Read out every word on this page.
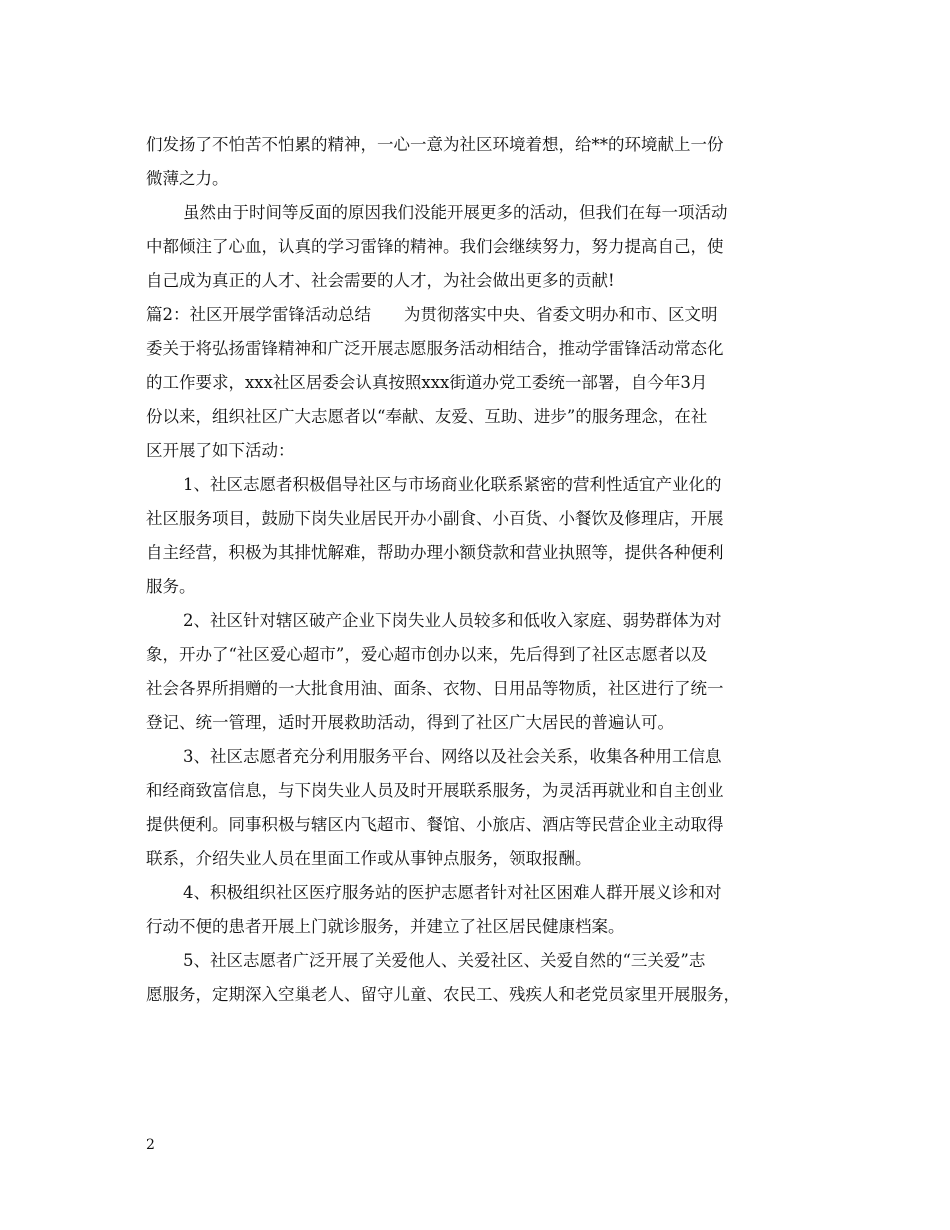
们发扬了不怕苦不怕累的精神，一心一意为社区环境着想，给**的环境献上一份
微薄之力。
虽然由于时间等反面的原因我们没能开展更多的活动，但我们在每一项活动
中都倾注了心血，认真的学习雷锋的精神。我们会继续努力，努力提高自己，使
自己成为真正的人才、社会需要的人才，为社会做出更多的贡献!
篇2：社区开展学雷锋活动总结　　为贯彻落实中央、省委文明办和市、区文明
委关于将弘扬雷锋精神和广泛开展志愿服务活动相结合，推动学雷锋活动常态化
的工作要求，xxx社区居委会认真按照xxx街道办党工委统一部署，自今年3月
份以来，组织社区广大志愿者以“奉献、友爱、互助、进步”的服务理念，在社
区开展了如下活动：
1、社区志愿者积极倡导社区与市场商业化联系紧密的营利性适宜产业化的
社区服务项目，鼓励下岗失业居民开办小副食、小百货、小餐饮及修理店，开展
自主经营，积极为其排忧解难，帮助办理小额贷款和营业执照等，提供各种便利
服务。
2、社区针对辖区破产企业下岗失业人员较多和低收入家庭、弱势群体为对
象，开办了“社区爱心超市”，爱心超市创办以来，先后得到了社区志愿者以及
社会各界所捐赠的一大批食用油、面条、衣物、日用品等物质，社区进行了统一
登记、统一管理，适时开展救助活动，得到了社区广大居民的普遍认可。
3、社区志愿者充分利用服务平台、网络以及社会关系，收集各种用工信息
和经商致富信息，与下岗失业人员及时开展联系服务，为灵活再就业和自主创业
提供便利。同事积极与辖区内飞超市、餐馆、小旅店、酒店等民营企业主动取得
联系，介绍失业人员在里面工作或从事钟点服务，领取报酬。
4、积极组织社区医疗服务站的医护志愿者针对社区困难人群开展义诊和对
行动不便的患者开展上门就诊服务，并建立了社区居民健康档案。
5、社区志愿者广泛开展了关爱他人、关爱社区、关爱自然的“三关爱”志
愿服务，定期深入空巢老人、留守儿童、农民工、残疾人和老党员家里开展服务，
2
